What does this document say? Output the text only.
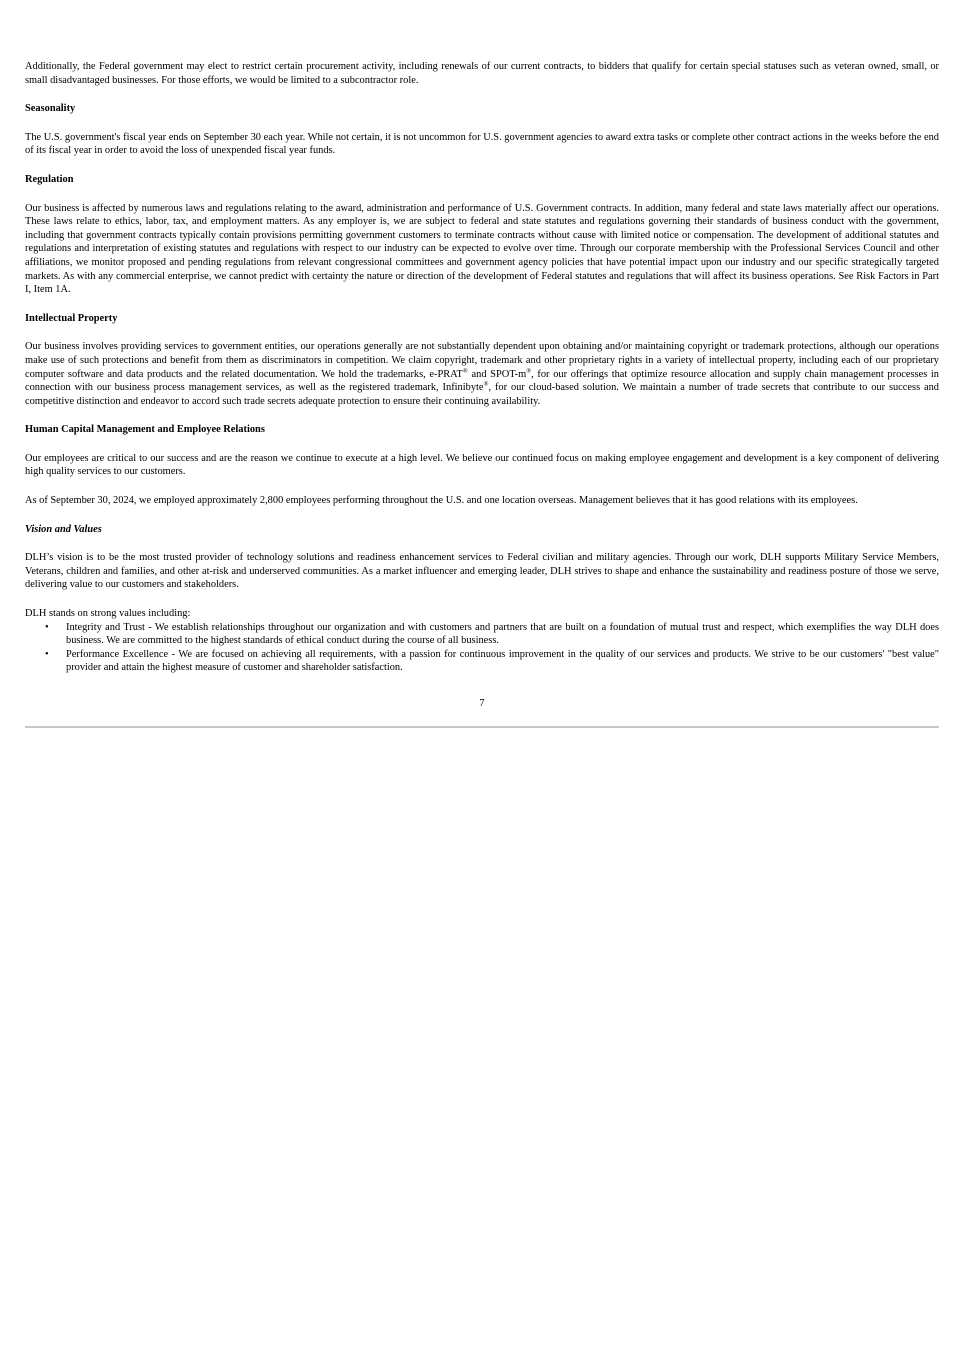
Additionally, the Federal government may elect to restrict certain procurement activity, including renewals of our current contracts, to bidders that qualify for certain special statuses such as veteran owned, small, or small disadvantaged businesses. For those efforts, we would be limited to a subcontractor role.

Seasonality

The U.S. government's fiscal year ends on September 30 each year. While not certain, it is not uncommon for U.S. government agencies to award extra tasks or complete other contract actions in the weeks before the end of its fiscal year in order to avoid the loss of unexpended fiscal year funds.

Regulation

Our business is affected by numerous laws and regulations relating to the award, administration and performance of U.S. Government contracts. In addition, many federal and state laws materially affect our operations. These laws relate to ethics, labor, tax, and employment matters. As any employer is, we are subject to federal and state statutes and regulations governing their standards of business conduct with the government, including that government contracts typically contain provisions permitting government customers to terminate contracts without cause with limited notice or compensation. The development of additional statutes and regulations and interpretation of existing statutes and regulations with respect to our industry can be expected to evolve over time. Through our corporate membership with the Professional Services Council and other affiliations, we monitor proposed and pending regulations from relevant congressional committees and government agency policies that have potential impact upon our industry and our specific strategically targeted markets. As with any commercial enterprise, we cannot predict with certainty the nature or direction of the development of Federal statutes and regulations that will affect its business operations. See Risk Factors in Part I, Item 1A.

Intellectual Property

Our business involves providing services to government entities, our operations generally are not substantially dependent upon obtaining and/or maintaining copyright or trademark protections, although our operations make use of such protections and benefit from them as discriminators in competition. We claim copyright, trademark and other proprietary rights in a variety of intellectual property, including each of our proprietary computer software and data products and the related documentation. We hold the trademarks, e-PRAT® and SPOT-m®, for our offerings that optimize resource allocation and supply chain management processes in connection with our business process management services, as well as the registered trademark, Infinibyte®, for our cloud-based solution. We maintain a number of trade secrets that contribute to our success and competitive distinction and endeavor to accord such trade secrets adequate protection to ensure their continuing availability.

Human Capital Management and Employee Relations

Our employees are critical to our success and are the reason we continue to execute at a high level. We believe our continued focus on making employee engagement and development is a key component of delivering high quality services to our customers.

As of September 30, 2024, we employed approximately 2,800 employees performing throughout the U.S. and one location overseas. Management believes that it has good relations with its employees.

Vision and Values

DLH’s vision is to be the most trusted provider of technology solutions and readiness enhancement services to Federal civilian and military agencies. Through our work, DLH supports Military Service Members, Veterans, children and families, and other at-risk and underserved communities. As a market influencer and emerging leader, DLH strives to shape and enhance the sustainability and readiness posture of those we serve, delivering value to our customers and stakeholders.

DLH stands on strong values including:

• Integrity and Trust - We establish relationships throughout our organization and with customers and partners that are built on a foundation of mutual trust and respect, which exemplifies the way DLH does business. We are committed to the highest standards of ethical conduct during the course of all business.
• Performance Excellence - We are focused on achieving all requirements, with a passion for continuous improvement in the quality of our services and products. We strive to be our customers' "best value" provider and attain the highest measure of customer and shareholder satisfaction.

7
